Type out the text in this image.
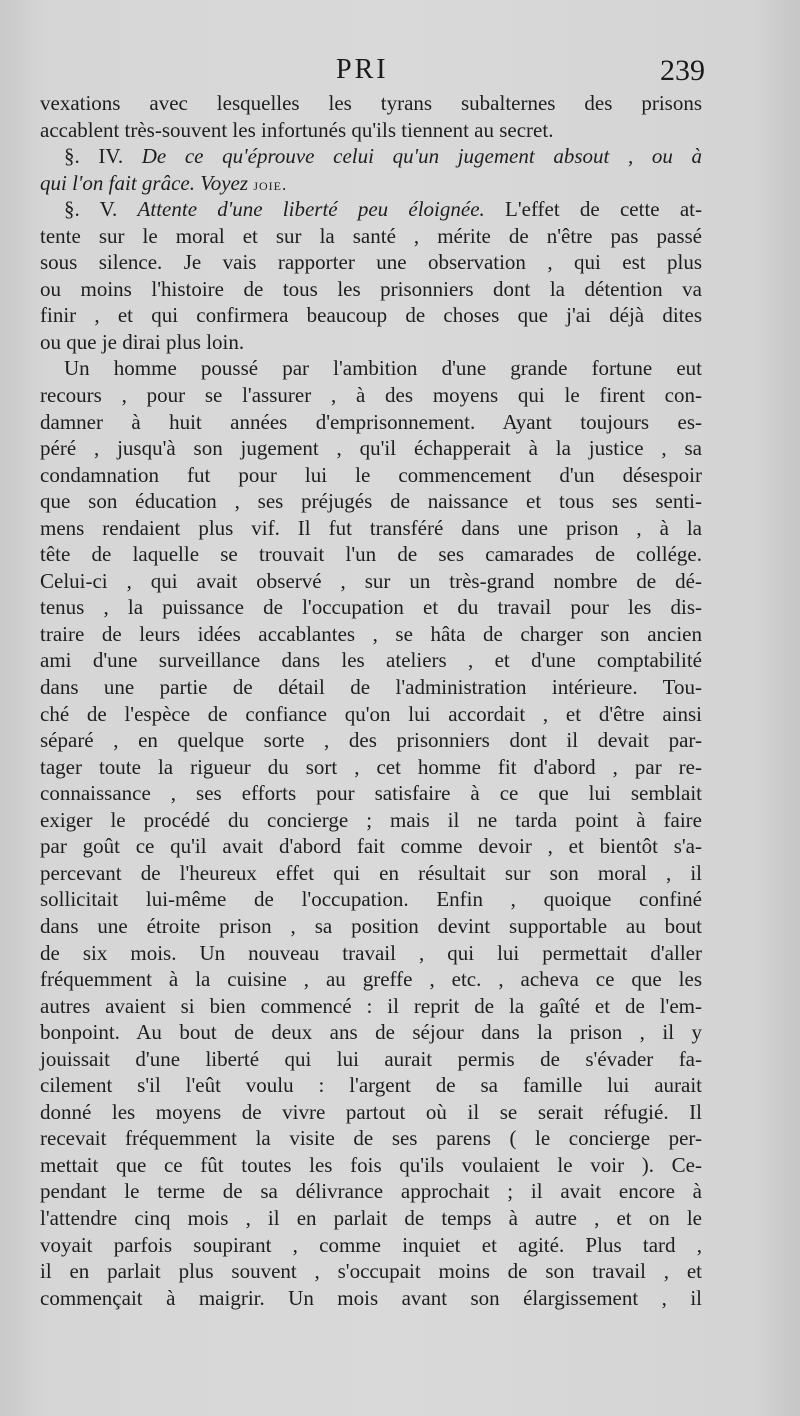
PRI	239
vexations avec lesquelles les tyrans subalternes des prisons
accablent très-souvent les infortunés qu'ils tiennent au secret.
§. IV. De ce qu'éprouve celui qu'un jugement absout , ou à
qui l'on fait grâce. Voyez joie.
§. V. Attente d'une liberté peu éloignée. L'effet de cette at-
tente sur le moral et sur la santé , mérite de n'être pas passé
sous silence. Je vais rapporter une observation , qui est plus
ou moins l'histoire de tous les prisonniers dont la détention va
finir , et qui confirmera beaucoup de choses que j'ai déjà dites
ou que je dirai plus loin.
Un homme poussé par l'ambition d'une grande fortune eut
recours , pour se l'assurer , à des moyens qui le firent con-
damner à huit années d'emprisonnement. Ayant toujours es-
péré , jusqu'à son jugement , qu'il échapperait à la justice , sa
condamnation fut pour lui le commencement d'un désespoir
que son éducation , ses préjugés de naissance et tous ses senti-
mens rendaient plus vif. Il fut transféré dans une prison , à la
tête de laquelle se trouvait l'un de ses camarades de collége.
Celui-ci , qui avait observé , sur un très-grand nombre de dé-
tenus , la puissance de l'occupation et du travail pour les dis-
traire de leurs idées accablantes , se hâta de charger son ancien
ami d'une surveillance dans les ateliers , et d'une comptabilité
dans une partie de détail de l'administration intérieure. Tou-
ché de l'espèce de confiance qu'on lui accordait , et d'être ainsi
séparé , en quelque sorte , des prisonniers dont il devait par-
tager toute la rigueur du sort , cet homme fit d'abord , par re-
connaissance , ses efforts pour satisfaire à ce que lui semblait
exiger le procédé du concierge ; mais il ne tarda point à faire
par goût ce qu'il avait d'abord fait comme devoir , et bientôt s'a-
percevant de l'heureux effet qui en résultait sur son moral , il
sollicitait lui-même de l'occupation. Enfin , quoique confiné
dans une étroite prison , sa position devint supportable au bout
de six mois. Un nouveau travail , qui lui permettait d'aller
fréquemment à la cuisine , au greffe , etc. , acheva ce que les
autres avaient si bien commencé : il reprit de la gaîté et de l'em-
bonpoint. Au bout de deux ans de séjour dans la prison , il y
jouissait d'une liberté qui lui aurait permis de s'évader fa-
cilement s'il l'eût voulu : l'argent de sa famille lui aurait
donné les moyens de vivre partout où il se serait réfugié. Il
recevait fréquemment la visite de ses parens ( le concierge per-
mettait que ce fût toutes les fois qu'ils voulaient le voir ). Ce-
pendant le terme de sa délivrance approchait ; il avait encore à
l'attendre cinq mois , il en parlait de temps à autre , et on le
voyait parfois soupirant , comme inquiet et agité. Plus tard ,
il en parlait plus souvent , s'occupait moins de son travail , et
commençait à maigrir. Un mois avant son élargissement , il
